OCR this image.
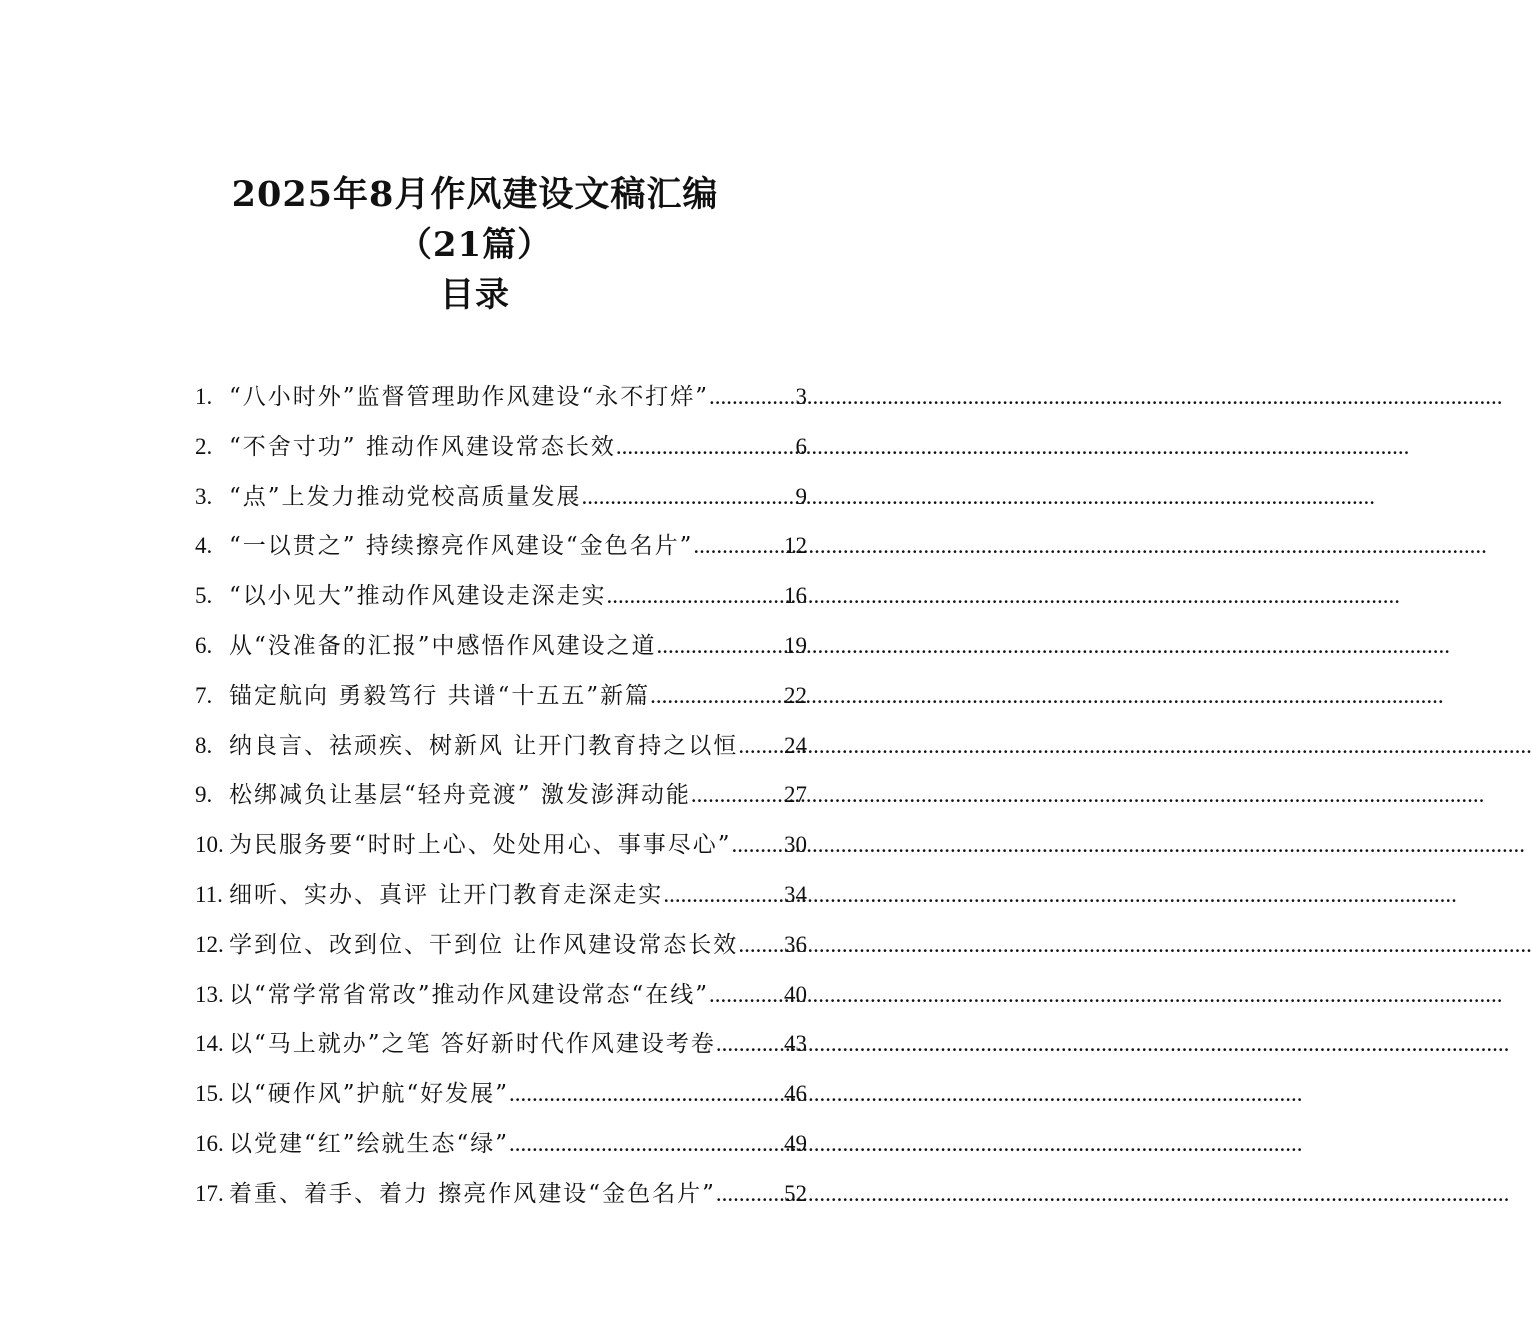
2025年8月作风建设文稿汇编
（21篇）
目录
1. “八小时外”监督管理助作风建设“永不打烊” .....	3
2. “不舍寸功” 推动作风建设常态长效 .....	6
3. “点”上发力推动党校高质量发展 .....	9
4. “一以贯之” 持续擦亮作风建设“金色名片” .....	12
5. “以小见大”推动作风建设走深走实 .....	16
6. 从“没准备的汇报”中感悟作风建设之道 .....	19
7. 锚定航向 勇毅笃行 共谱“十五五”新篇 .....	22
8. 纳良言、祛顽疾、树新风 让开门教育持之以恒 ..... 24
9. 松绑减负让基层“轻舟竞渡” 激发澎湃动能 .....	27
10. 为民服务要“时时上心、处处用心、事事尽心” ..... 30
11. 细听、实办、真评 让开门教育走深走实 .....	34
12. 学到位、改到位、干到位 让作风建设常态长效 ..... 36
13. 以“常学常省常改”推动作风建设常态“在线” .....	40
14. 以“马上就办”之笔 答好新时代作风建设考卷 .....	43
15. 以“硬作风”护航“好发展” .....	46
16. 以党建“红”绘就生态“绿” .....	49
17. 着重、着手、着力 擦亮作风建设“金色名片” .....	52
